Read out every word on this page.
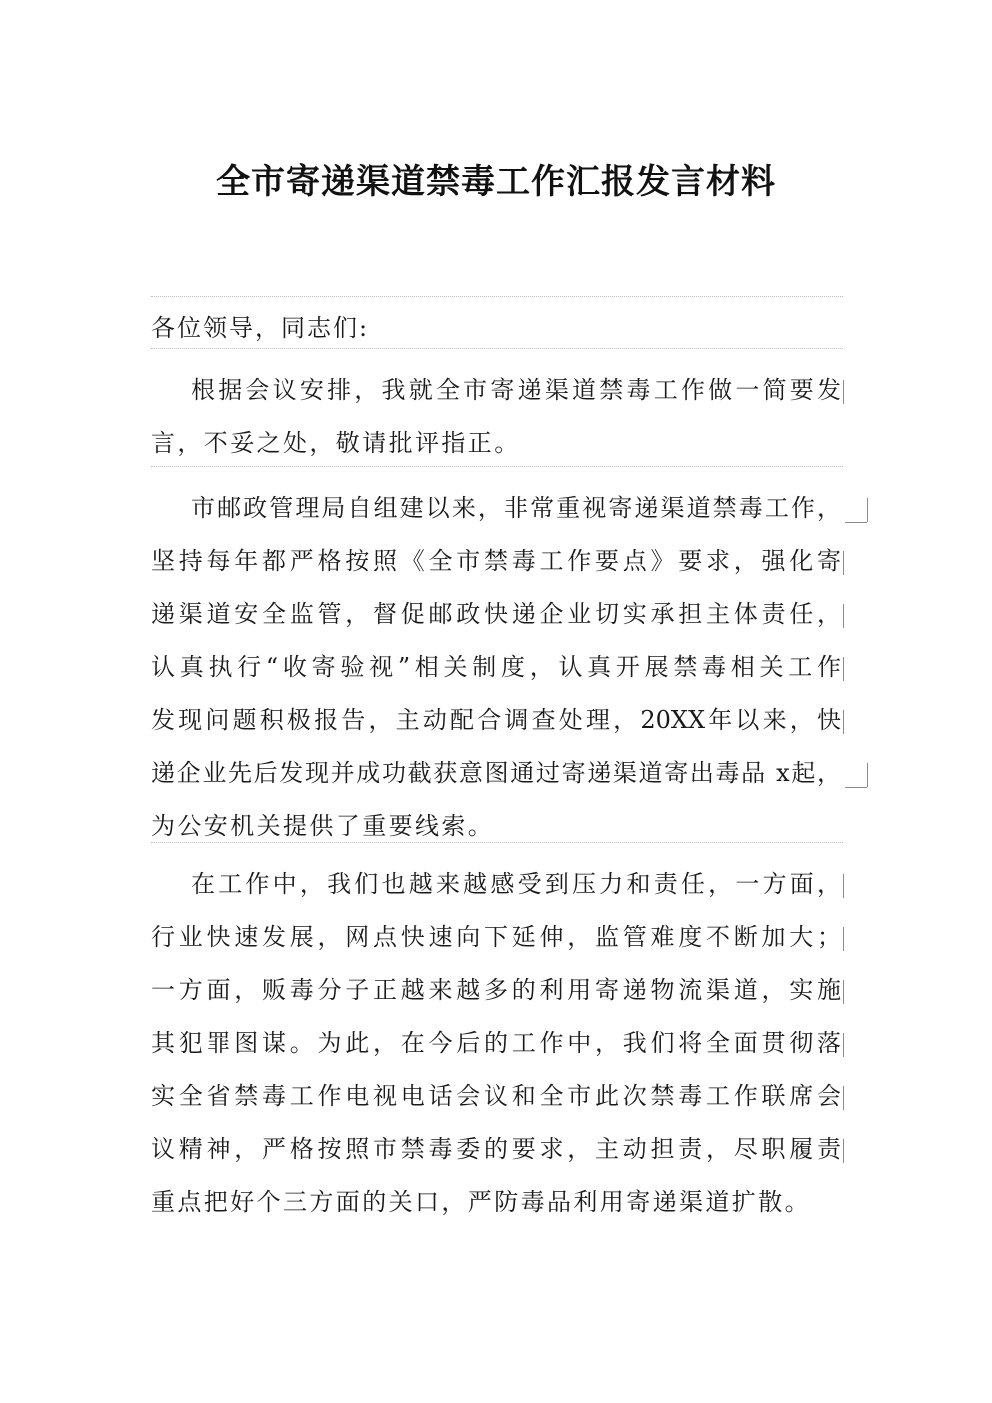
全市寄递渠道禁毒工作汇报发言材料

各位领导，同志们:

根据会议安排，我就全市寄递渠道禁毒工作做一简要发
言，不妥之处，敬请批评指正。
市邮政管理局自组建以来，非常重视寄递渠道禁毒工作，
坚持每年都严格按照《全市禁毒工作要点》要求，强化寄
递渠道安全监管，督促邮政快递企业切实承担主体责任，
认真执行“收寄验视”相关制度，认真开展禁毒相关工作
发现问题积极报告，主动配合调查处理，20XX年以来，快
递企业先后发现并成功截获意图通过寄递渠道寄出毒品 x起，
为公安机关提供了重要线索。
在工作中，我们也越来越感受到压力和责任，一方面，
行业快速发展，网点快速向下延伸，监管难度不断加大；
一方面，贩毒分子正越来越多的利用寄递物流渠道，实施
其犯罪图谋。为此，在今后的工作中，我们将全面贯彻落
实全省禁毒工作电视电话会议和全市此次禁毒工作联席会
议精神，严格按照市禁毒委的要求，主动担责，尽职履责
重点把好个三方面的关口，严防毒品利用寄递渠道扩散。
